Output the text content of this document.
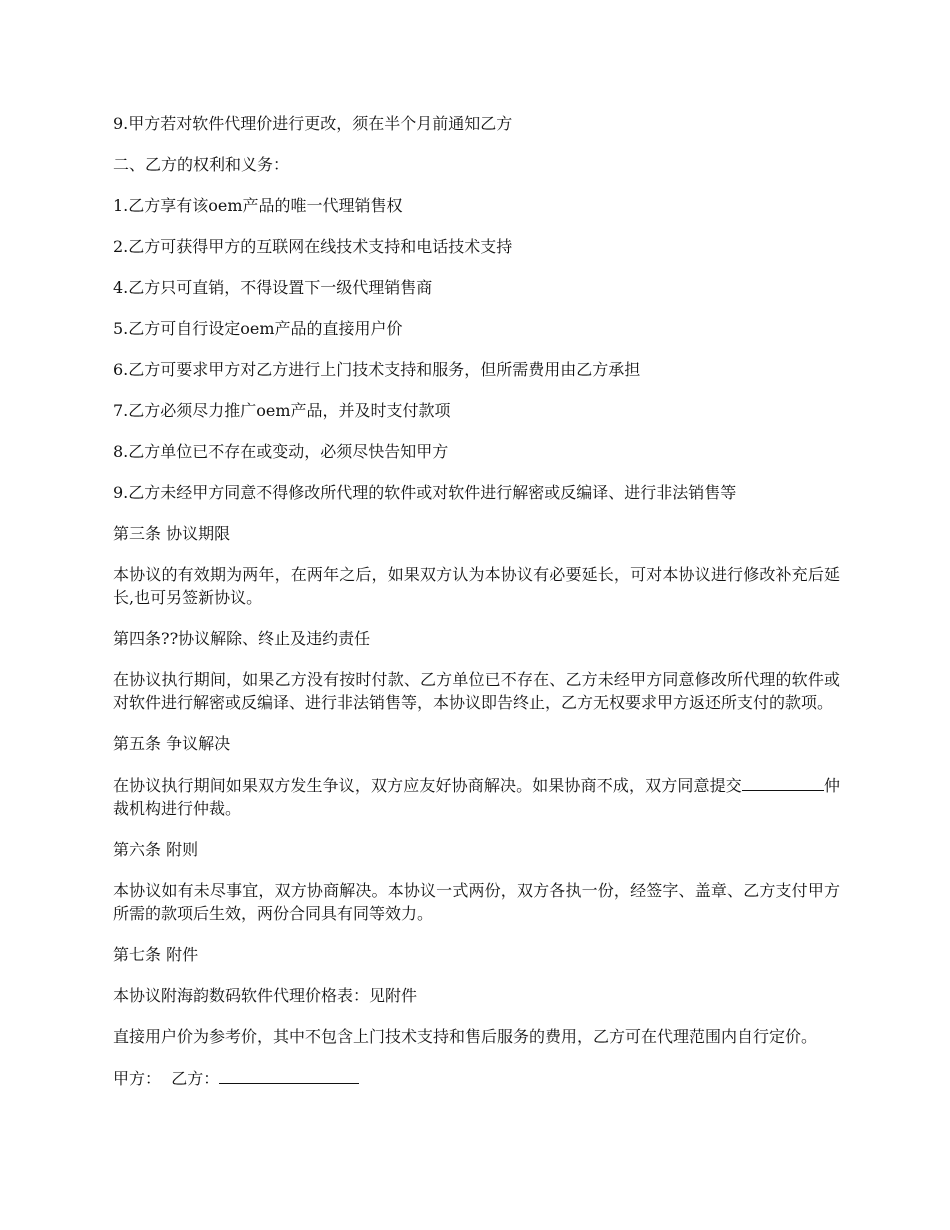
9.甲方若对软件代理价进行更改，须在半个月前通知乙方

二、乙方的权利和义务：

1.乙方享有该oem产品的唯一代理销售权

2.乙方可获得甲方的互联网在线技术支持和电话技术支持

4.乙方只可直销，不得设置下一级代理销售商

5.乙方可自行设定oem产品的直接用户价

6.乙方可要求甲方对乙方进行上门技术支持和服务，但所需费用由乙方承担

7.乙方必须尽力推广oem产品，并及时支付款项

8.乙方单位已不存在或变动，必须尽快告知甲方

9.乙方未经甲方同意不得修改所代理的软件或对软件进行解密或反编译、进行非法销售等

第三条 协议期限

本协议的有效期为两年，在两年之后，如果双方认为本协议有必要延长，可对本协议进行修改补充后延长,也可另签新协议。

第四条??协议解除、终止及违约责任

在协议执行期间，如果乙方没有按时付款、乙方单位已不存在、乙方未经甲方同意修改所代理的软件或对软件进行解密或反编译、进行非法销售等，本协议即告终止，乙方无权要求甲方返还所支付的款项。

第五条 争议解决

在协议执行期间如果双方发生争议，双方应友好协商解决。如果协商不成，双方同意提交	仲裁机构进行仲裁。

第六条 附则

本协议如有未尽事宜，双方协商解决。本协议一式两份，双方各执一份，经签字、盖章、乙方支付甲方所需的款项后生效，两份合同具有同等效力。

第七条 附件

本协议附海韵数码软件代理价格表：见附件

直接用户价为参考价，其中不包含上门技术支持和售后服务的费用，乙方可在代理范围内自行定价。

甲方： 乙方：
